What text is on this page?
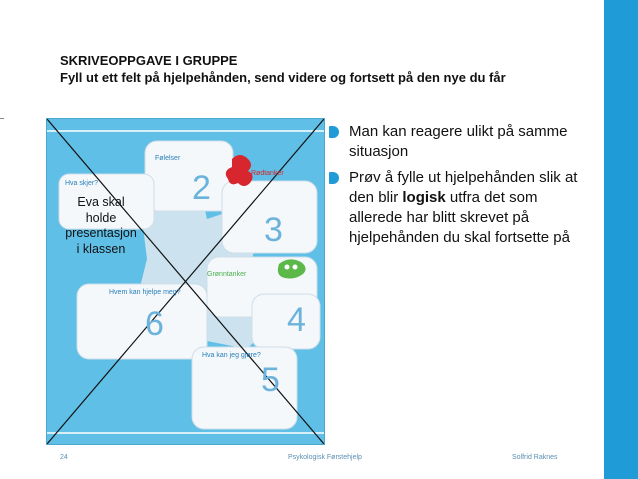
SKRIVEOPPGAVE I GRUPPE
Fyll ut ett felt på hjelpehånden, send videre og fortsett på den nye du får
Følelser
Hva skjer?
Rødtanker
Grønntanker
Hvem kan hjelpe meg?
Hva kan jeg gjøre?
2
3
4
5
6
Eva skal
holde
presentasjon
i klassen
Man kan reagere ulikt på samme situasjon
Prøv å fylle ut hjelpehånden slik at den blir logisk utfra det som allerede har blitt skrevet på hjelpehånden du skal fortsette på
24	Psykologisk Førstehjelp	Solfrid Raknes
